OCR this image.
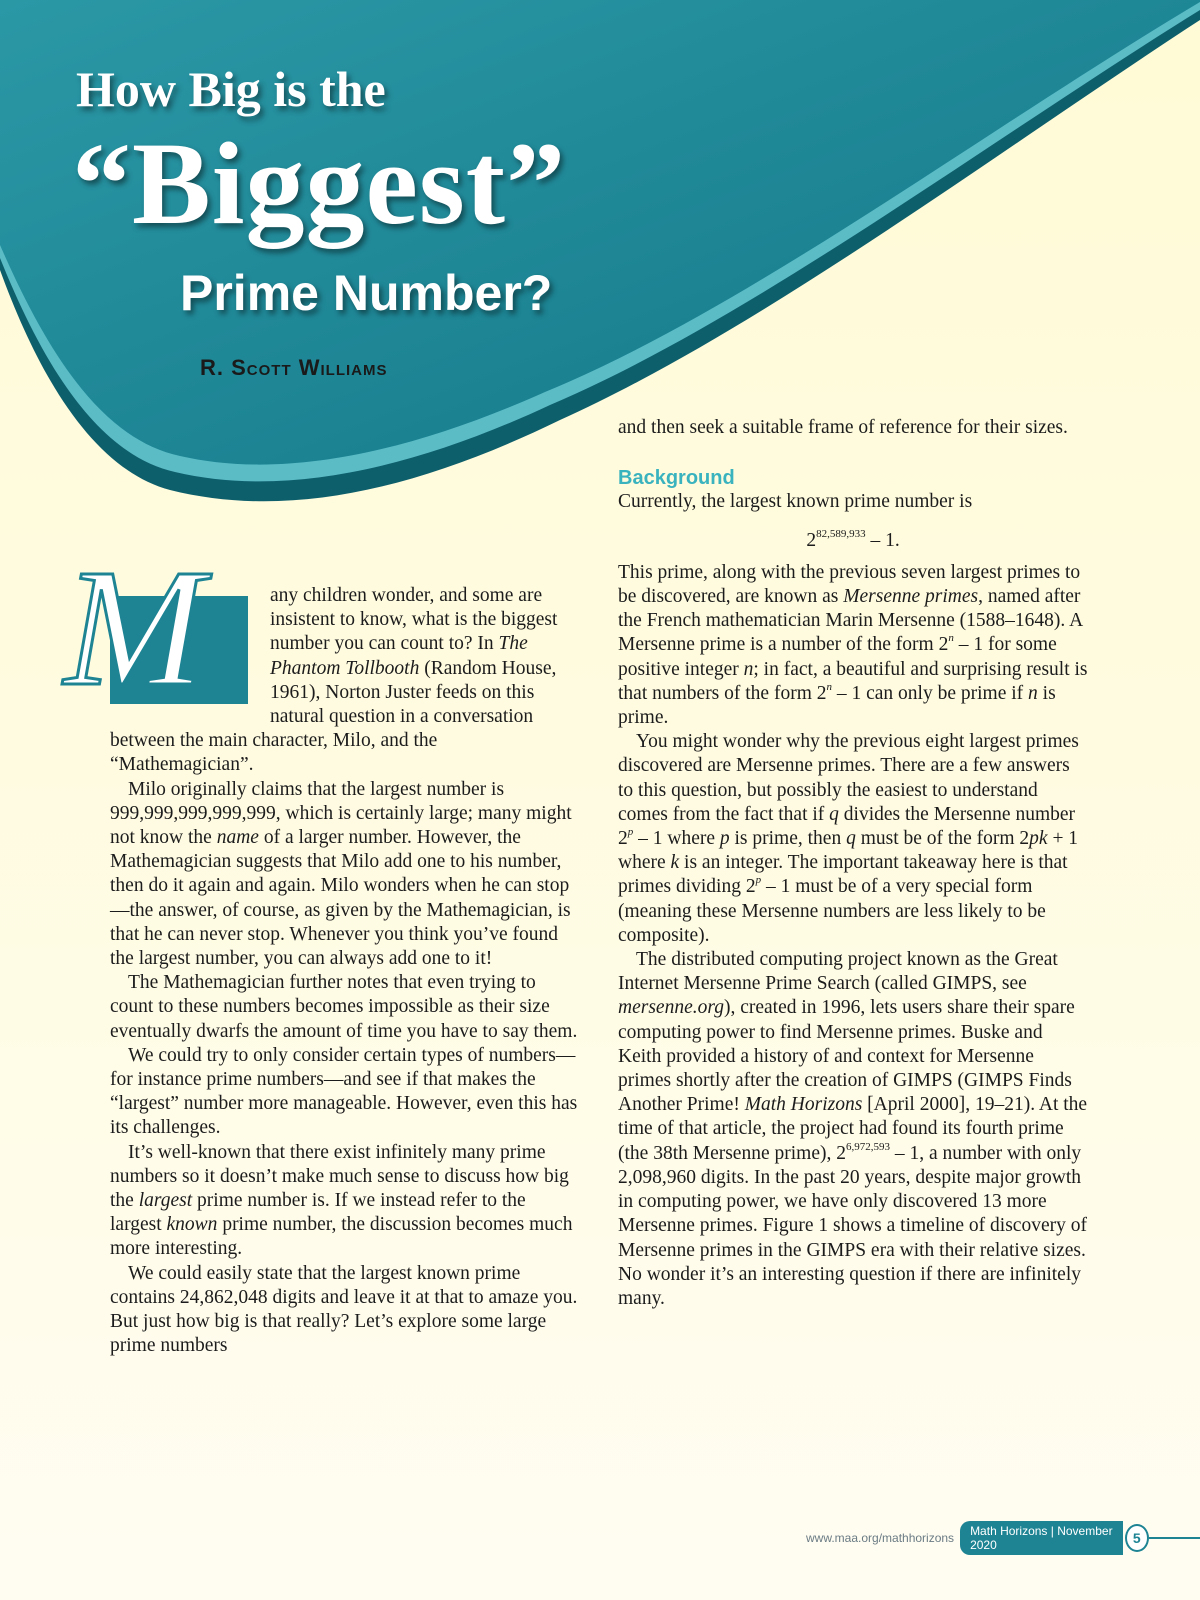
How Big is the
“Biggest”
Prime Number?

R. Scott Williams

M	any children wonder, and some are insistent to know, what is the biggest number you can count to? In The Phantom Tollbooth (Random House, 1961), Norton Juster feeds on this natural question in a conversation between the main character, Milo, and the “Mathemagician”.

Milo originally claims that the largest number is 999,999,999,999,999, which is certainly large; many might not know the name of a larger number. However, the Mathemagician suggests that Milo add one to his number, then do it again and again. Milo wonders when he can stop—the answer, of course, as given by the Mathemagician, is that he can never stop. Whenever you think you’ve found the largest number, you can always add one to it!

The Mathemagician further notes that even trying to count to these numbers becomes impossible as their size eventually dwarfs the amount of time you have to say them.

We could try to only consider certain types of numbers—for instance prime numbers—and see if that makes the “largest” number more manageable. However, even this has its challenges.

It’s well-known that there exist infinitely many prime numbers so it doesn’t make much sense to discuss how big the largest prime number is. If we instead refer to the largest known prime number, the discussion becomes much more interesting.

We could easily state that the largest known prime contains 24,862,048 digits and leave it at that to amaze you. But just how big is that really? Let’s explore some large prime numbers

and then seek a suitable frame of reference for their sizes.

Background

Currently, the largest known prime number is

2$^{82,589,933}$ – 1.

This prime, along with the previous seven largest primes to be discovered, are known as Mersenne primes, named after the French mathematician Marin Mersenne (1588–1648). A Mersenne prime is a number of the form 2$^n$ – 1 for some positive integer n; in fact, a beautiful and surprising result is that numbers of the form 2$^n$ – 1 can only be prime if n is prime.

You might wonder why the previous eight largest primes discovered are Mersenne primes. There are a few answers to this question, but possibly the easiest to understand comes from the fact that if q divides the Mersenne number 2$^p$ – 1 where p is prime, then q must be of the form 2pk + 1 where k is an integer. The important takeaway here is that primes dividing 2$^p$ – 1 must be of a very special form (meaning these Mersenne numbers are less likely to be composite).

The distributed computing project known as the Great Internet Mersenne Prime Search (called GIMPS, see mersenne.org), created in 1996, lets users share their spare computing power to find Mersenne primes. Buske and Keith provided a history of and context for Mersenne primes shortly after the creation of GIMPS (GIMPS Finds Another Prime! Math Horizons [April 2000], 19–21). At the time of that article, the project had found its fourth prime (the 38th Mersenne prime), 2$^{6,972,593}$ – 1, a number with only 2,098,960 digits. In the past 20 years, despite major growth in computing power, we have only discovered 13 more Mersenne primes. Figure 1 shows a timeline of discovery of Mersenne primes in the GIMPS era with their relative sizes. No wonder it’s an interesting question if there are infinitely many.

www.maa.org/mathhorizons	Math Horizons | November 2020	5
